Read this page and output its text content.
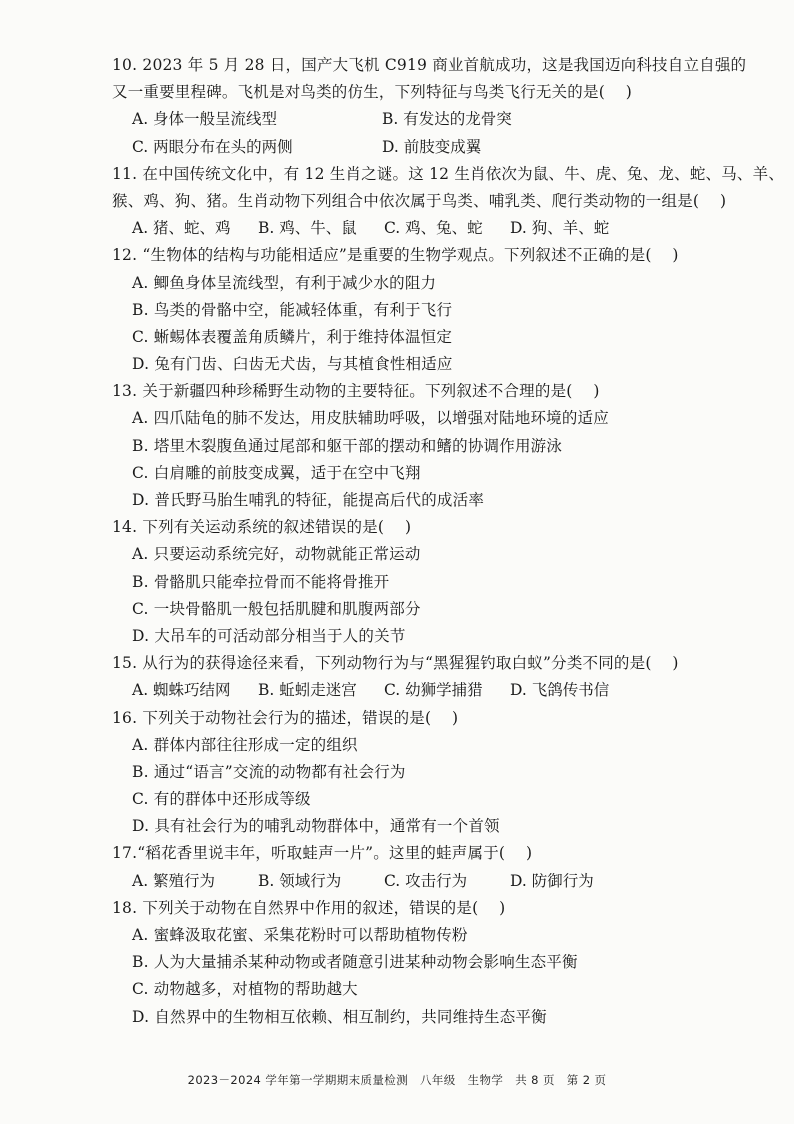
10. 2023 年 5 月 28 日，国产大飞机 C919 商业首航成功，这是我国迈向科技自立自强的
又一重要里程碑。飞机是对鸟类的仿生，下列特征与鸟类飞行无关的是(　 )
A. 身体一般呈流线型	B. 有发达的龙骨突
C. 两眼分布在头的两侧	D. 前肢变成翼
11. 在中国传统文化中，有 12 生肖之谜。这 12 生肖依次为鼠、牛、虎、兔、龙、蛇、马、羊、
猴、鸡、狗、猪。生肖动物下列组合中依次属于鸟类、哺乳类、爬行类动物的一组是(　 )
A. 猪、蛇、鸡	B. 鸡、牛、鼠	C. 鸡、兔、蛇	D. 狗、羊、蛇
12. “生物体的结构与功能相适应”是重要的生物学观点。下列叙述不正确的是(　 )
A. 鲫鱼身体呈流线型，有利于减少水的阻力
B. 鸟类的骨骼中空，能减轻体重，有利于飞行
C. 蜥蜴体表覆盖角质鳞片，利于维持体温恒定
D. 兔有门齿、臼齿无犬齿，与其植食性相适应
13. 关于新疆四种珍稀野生动物的主要特征。下列叙述不合理的是(　 )
A. 四爪陆龟的肺不发达，用皮肤辅助呼吸，以增强对陆地环境的适应
B. 塔里木裂腹鱼通过尾部和躯干部的摆动和鳍的协调作用游泳
C. 白肩雕的前肢变成翼，适于在空中飞翔
D. 普氏野马胎生哺乳的特征，能提高后代的成活率
14. 下列有关运动系统的叙述错误的是(　 )
A. 只要运动系统完好，动物就能正常运动
B. 骨骼肌只能牵拉骨而不能将骨推开
C. 一块骨骼肌一般包括肌腱和肌腹两部分
D. 大吊车的可活动部分相当于人的关节
15. 从行为的获得途径来看，下列动物行为与“黑猩猩钓取白蚁”分类不同的是(　 )
A. 蜘蛛巧结网	B. 蚯蚓走迷宫	C. 幼狮学捕猎	D. 飞鸽传书信
16. 下列关于动物社会行为的描述，错误的是(　 )
A. 群体内部往往形成一定的组织
B. 通过“语言”交流的动物都有社会行为
C. 有的群体中还形成等级
D. 具有社会行为的哺乳动物群体中，通常有一个首领
17.“稻花香里说丰年，听取蛙声一片”。这里的蛙声属于(　 )
A. 繁殖行为	B. 领域行为	C. 攻击行为	D. 防御行为
18. 下列关于动物在自然界中作用的叙述，错误的是(　 )
A. 蜜蜂汲取花蜜、采集花粉时可以帮助植物传粉
B. 人为大量捕杀某种动物或者随意引进某种动物会影响生态平衡
C. 动物越多，对植物的帮助越大
D. 自然界中的生物相互依赖、相互制约，共同维持生态平衡
2023－2024 学年第一学期期末质量检测　八年级　生物学　共 8 页　第 2 页
